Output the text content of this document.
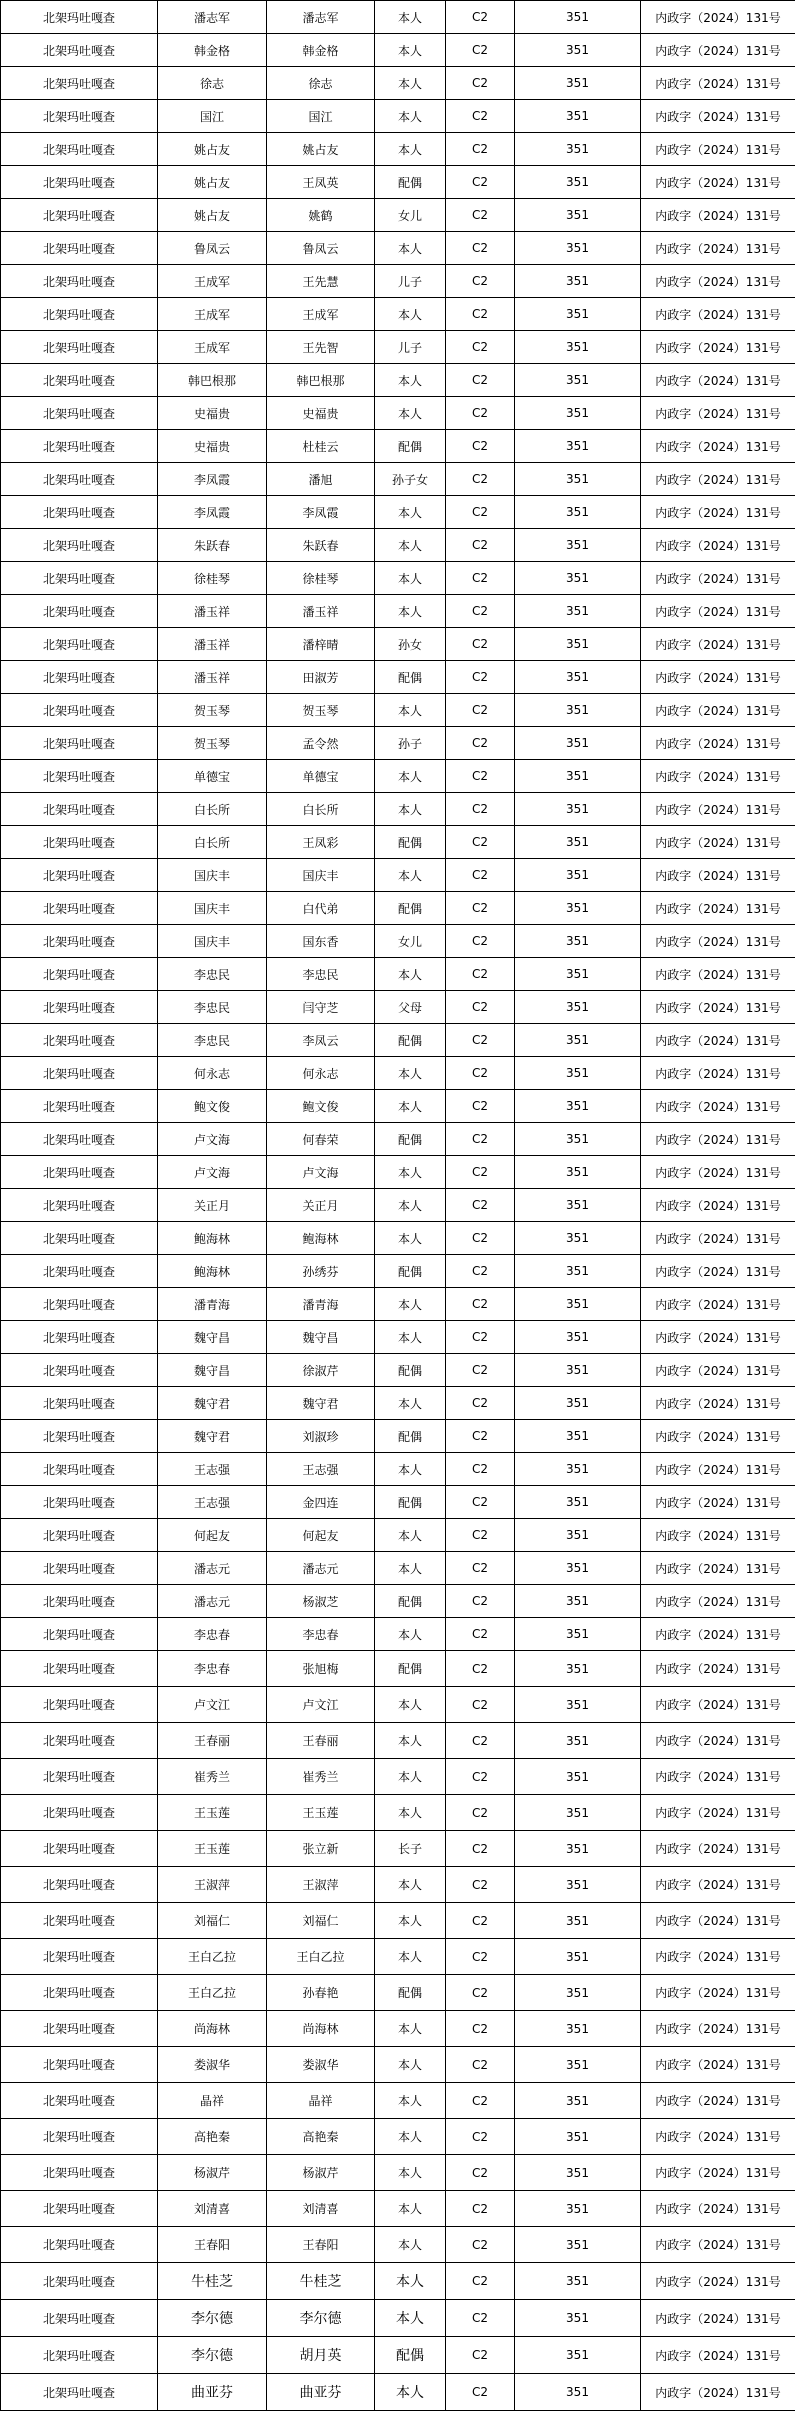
北架玛吐嘎查	潘志军	潘志军	本人	C2	351	内政字（2024）131号
北架玛吐嘎查	韩金格	韩金格	本人	C2	351	内政字（2024）131号
北架玛吐嘎查	徐志	徐志	本人	C2	351	内政字（2024）131号
北架玛吐嘎查	国江	国江	本人	C2	351	内政字（2024）131号
北架玛吐嘎查	姚占友	姚占友	本人	C2	351	内政字（2024）131号
北架玛吐嘎查	姚占友	王凤英	配偶	C2	351	内政字（2024）131号
北架玛吐嘎查	姚占友	姚鹤	女儿	C2	351	内政字（2024）131号
北架玛吐嘎查	鲁凤云	鲁凤云	本人	C2	351	内政字（2024）131号
北架玛吐嘎查	王成军	王先慧	儿子	C2	351	内政字（2024）131号
北架玛吐嘎查	王成军	王成军	本人	C2	351	内政字（2024）131号
北架玛吐嘎查	王成军	王先智	儿子	C2	351	内政字（2024）131号
北架玛吐嘎查	韩巴根那	韩巴根那	本人	C2	351	内政字（2024）131号
北架玛吐嘎查	史福贵	史福贵	本人	C2	351	内政字（2024）131号
北架玛吐嘎查	史福贵	杜桂云	配偶	C2	351	内政字（2024）131号
北架玛吐嘎查	李凤霞	潘旭	孙子女	C2	351	内政字（2024）131号
北架玛吐嘎查	李凤霞	李凤霞	本人	C2	351	内政字（2024）131号
北架玛吐嘎查	朱跃春	朱跃春	本人	C2	351	内政字（2024）131号
北架玛吐嘎查	徐桂琴	徐桂琴	本人	C2	351	内政字（2024）131号
北架玛吐嘎查	潘玉祥	潘玉祥	本人	C2	351	内政字（2024）131号
北架玛吐嘎查	潘玉祥	潘梓晴	孙女	C2	351	内政字（2024）131号
北架玛吐嘎查	潘玉祥	田淑芳	配偶	C2	351	内政字（2024）131号
北架玛吐嘎查	贺玉琴	贺玉琴	本人	C2	351	内政字（2024）131号
北架玛吐嘎查	贺玉琴	孟令然	孙子	C2	351	内政字（2024）131号
北架玛吐嘎查	单德宝	单德宝	本人	C2	351	内政字（2024）131号
北架玛吐嘎查	白长所	白长所	本人	C2	351	内政字（2024）131号
北架玛吐嘎查	白长所	王凤彩	配偶	C2	351	内政字（2024）131号
北架玛吐嘎查	国庆丰	国庆丰	本人	C2	351	内政字（2024）131号
北架玛吐嘎查	国庆丰	白代弟	配偶	C2	351	内政字（2024）131号
北架玛吐嘎查	国庆丰	国东香	女儿	C2	351	内政字（2024）131号
北架玛吐嘎查	李忠民	李忠民	本人	C2	351	内政字（2024）131号
北架玛吐嘎查	李忠民	闫守芝	父母	C2	351	内政字（2024）131号
北架玛吐嘎查	李忠民	李凤云	配偶	C2	351	内政字（2024）131号
北架玛吐嘎查	何永志	何永志	本人	C2	351	内政字（2024）131号
北架玛吐嘎查	鲍文俊	鲍文俊	本人	C2	351	内政字（2024）131号
北架玛吐嘎查	卢文海	何春荣	配偶	C2	351	内政字（2024）131号
北架玛吐嘎查	卢文海	卢文海	本人	C2	351	内政字（2024）131号
北架玛吐嘎查	关正月	关正月	本人	C2	351	内政字（2024）131号
北架玛吐嘎查	鲍海林	鲍海林	本人	C2	351	内政字（2024）131号
北架玛吐嘎查	鲍海林	孙绣芬	配偶	C2	351	内政字（2024）131号
北架玛吐嘎查	潘青海	潘青海	本人	C2	351	内政字（2024）131号
北架玛吐嘎查	魏守昌	魏守昌	本人	C2	351	内政字（2024）131号
北架玛吐嘎查	魏守昌	徐淑芹	配偶	C2	351	内政字（2024）131号
北架玛吐嘎查	魏守君	魏守君	本人	C2	351	内政字（2024）131号
北架玛吐嘎查	魏守君	刘淑珍	配偶	C2	351	内政字（2024）131号
北架玛吐嘎查	王志强	王志强	本人	C2	351	内政字（2024）131号
北架玛吐嘎查	王志强	金四连	配偶	C2	351	内政字（2024）131号
北架玛吐嘎查	何起友	何起友	本人	C2	351	内政字（2024）131号
北架玛吐嘎查	潘志元	潘志元	本人	C2	351	内政字（2024）131号
北架玛吐嘎查	潘志元	杨淑芝	配偶	C2	351	内政字（2024）131号
北架玛吐嘎查	李忠春	李忠春	本人	C2	351	内政字（2024）131号
北架玛吐嘎查	李忠春	张旭梅	配偶	C2	351	内政字（2024）131号
北架玛吐嘎查	卢文江	卢文江	本人	C2	351	内政字（2024）131号
北架玛吐嘎查	王春丽	王春丽	本人	C2	351	内政字（2024）131号
北架玛吐嘎查	崔秀兰	崔秀兰	本人	C2	351	内政字（2024）131号
北架玛吐嘎查	王玉莲	王玉莲	本人	C2	351	内政字（2024）131号
北架玛吐嘎查	王玉莲	张立新	长子	C2	351	内政字（2024）131号
北架玛吐嘎查	王淑萍	王淑萍	本人	C2	351	内政字（2024）131号
北架玛吐嘎查	刘福仁	刘福仁	本人	C2	351	内政字（2024）131号
北架玛吐嘎查	王白乙拉	王白乙拉	本人	C2	351	内政字（2024）131号
北架玛吐嘎查	王白乙拉	孙春艳	配偶	C2	351	内政字（2024）131号
北架玛吐嘎查	尚海林	尚海林	本人	C2	351	内政字（2024）131号
北架玛吐嘎查	娄淑华	娄淑华	本人	C2	351	内政字（2024）131号
北架玛吐嘎查	晶祥	晶祥	本人	C2	351	内政字（2024）131号
北架玛吐嘎查	高艳秦	高艳秦	本人	C2	351	内政字（2024）131号
北架玛吐嘎查	杨淑芹	杨淑芹	本人	C2	351	内政字（2024）131号
北架玛吐嘎查	刘清喜	刘清喜	本人	C2	351	内政字（2024）131号
北架玛吐嘎查	王春阳	王春阳	本人	C2	351	内政字（2024）131号
北架玛吐嘎查	牛桂芝	牛桂芝	本人	C2	351	内政字（2024）131号
北架玛吐嘎查	李尔德	李尔德	本人	C2	351	内政字（2024）131号
北架玛吐嘎查	李尔德	胡月英	配偶	C2	351	内政字（2024）131号
北架玛吐嘎查	曲亚芬	曲亚芬	本人	C2	351	内政字（2024）131号
